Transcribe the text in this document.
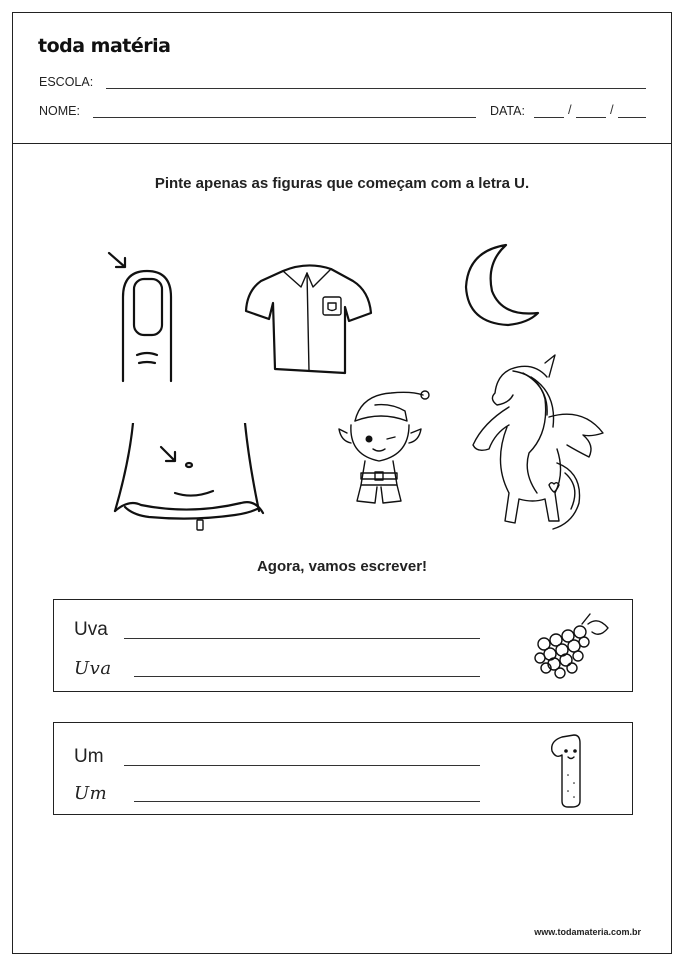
toda matéria
ESCOLA:
NOME:	DATA:	/	/
Pinte apenas as figuras que começam com a letra U.
Agora, vamos escrever!
Uva
Uva
Um
Um
www.todamateria.com.br
